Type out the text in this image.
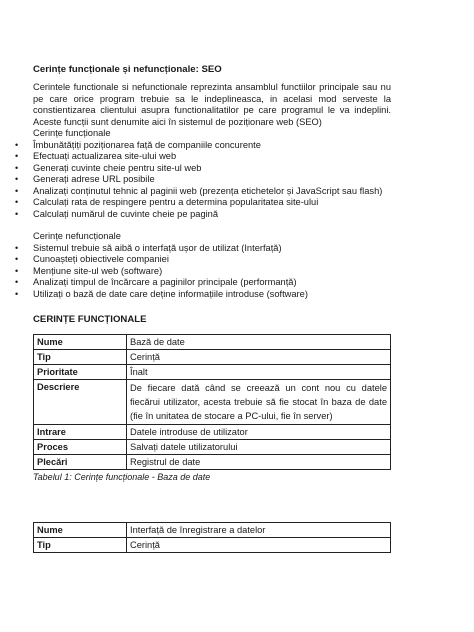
Cerințe funcționale și nefuncționale: SEO

Cerintele functionale si nefunctionale reprezinta ansamblul functiilor principale sau nu pe care orice program trebuie sa le indeplineasca, in acelasi mod serveste la constientizarea clientului asupra functionalitatilor pe care programul le va indeplini. Aceste funcții sunt denumite aici în sistemul de poziționare web (SEO)

Cerințe funcționale

•	Îmbunătățiți poziționarea față de companiile concurente
•	Efectuați actualizarea site-ului web
•	Generați cuvinte cheie pentru site-ul web
•	Generați adrese URL posibile
•	Analizați conținutul tehnic al paginii web (prezența etichetelor și JavaScript sau flash)
•	Calculați rata de respingere pentru a determina popularitatea site-ului
•	Calculați numărul de cuvinte cheie pe pagină

Cerințe nefuncționale

•	Sistemul trebuie să aibă o interfață ușor de utilizat (Interfață)
•	Cunoașteți obiectivele companiei
•	Mențiune site-ul web (software)
•	Analizați timpul de încărcare a paginilor principale (performanță)
•	Utilizați o bază de date care deține informațiile introduse (software)

CERINȚE FUNCȚIONALE

Nume	Bază de date
Tip	Cerință
Prioritate	Înalt
Descriere	De fiecare dată când se creează un cont nou cu datele fiecărui utilizator, acesta trebuie să fie stocat în baza de date (fie în unitatea de stocare a PC-ului, fie în server)
Intrare	Datele introduse de utilizator
Proces	Salvați datele utilizatorului
Plecări	Registrul de date
Tabelul 1: Cerințe funcționale - Baza de date
Nume	Interfață de înregistrare a datelor
Tip	Cerință
